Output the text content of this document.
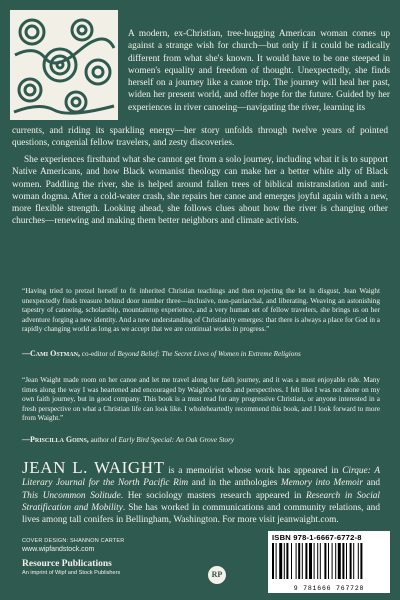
A modern, ex-Christian, tree-hugging American woman comes up against a strange wish for church—but only if it could be radically different from what she's known. It would have to be one steeped in women's equality and freedom of thought. Unexpectedly, she finds herself on a journey like a canoe trip. The journey will heal her past, widen her present world, and offer hope for the future. Guided by her experiences in river canoeing—navigating the river, learning its

currents, and riding its sparkling energy—her story unfolds through twelve years of pointed questions, congenial fellow travelers, and zesty discoveries.

She experiences firsthand what she cannot get from a solo journey, including what it is to support Native Americans, and how Black womanist theology can make her a better white ally of Black women. Paddling the river, she is helped around fallen trees of biblical mistranslation and anti-woman dogma. After a cold-water crash, she repairs her canoe and emerges joyful again with a new, more flexible strength. Looking ahead, she follows clues about how the river is changing other churches—renewing and making them better neighbors and climate activists.

“Having tried to pretzel herself to fit inherited Christian teachings and then rejecting the lot in disgust, Jean Waight unexpectedly finds treasure behind door number three—inclusive, non-patriarchal, and liberating. Weaving an astonishing tapestry of canoeing, scholarship, mountaintop experience, and a very human set of fellow travelers, she brings us on her adventure forging a new identity. And a new understanding of Christianity emerges: that there is always a place for God in a rapidly changing world as long as we accept that we are continual works in progress.”

—Cami Ostman, co-editor of Beyond Belief: The Secret Lives of Women in Extreme Religions

“Jean Waight made room on her canoe and let me travel along her faith journey, and it was a most enjoyable ride. Many times along the way I was heartened and encouraged by Waight's words and perspectives. I felt like I was not alone on my own faith journey, but in good company. This book is a must read for any progressive Christian, or anyone interested in a fresh perspective on what a Christian life can look like. I wholeheartedly recommend this book, and I look forward to more from Waight.”

—Priscilla Goins, author of Early Bird Special: An Oak Grove Story

JEAN L. WAIGHT is a memoirist whose work has appeared in Cirque: A Literary Journal for the North Pacific Rim and in the anthologies Memory into Memoir and This Uncommon Solitude. Her sociology masters research appeared in Research in Social Stratification and Mobility. She has worked in communications and community relations, and lives among tall conifers in Bellingham, Washington. For more visit jeanwaight.com.

COVER DESIGN: SHANNON CARTER
www.wipfandstock.com
Resource Publications
An imprint of Wipf and Stock Publishers	RP
ISBN 978-1-6667-6772-8
9 781666 767728
